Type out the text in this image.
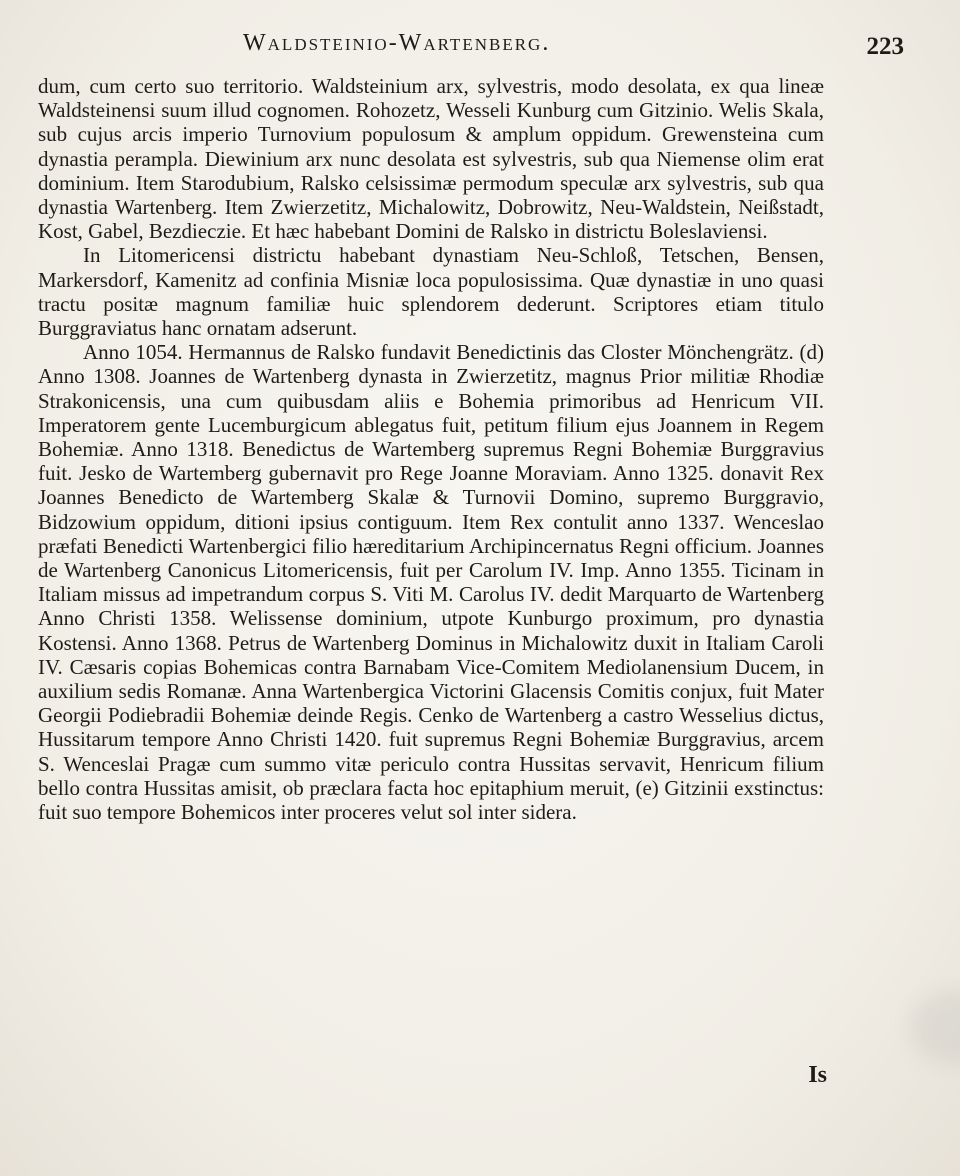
Waldsteinio-Wartenberg.	223

dum, cum certo suo territorio. Waldsteinium arx, sylvestris, modo desolata, ex qua lineæ Waldsteinensi suum illud cognomen. Rohozetz, Wesseli Kunburg cum Gitzinio. Welis Skala, sub cujus arcis imperio Turnovium populosum & amplum oppidum. Grewensteina cum dynastia perampla. Diewinium arx nunc desolata est sylvestris, sub qua Niemense olim erat dominium. Item Starodubium, Ralsko celsissimæ permodum speculæ arx sylvestris, sub qua dynastia Wartenberg. Item Zwierzetitz, Michalowitz, Dobrowitz, Neu-Waldstein, Neißstadt, Kost, Gabel, Bezdieczie. Et hæc habebant Domini de Ralsko in districtu Boleslaviensi.

In Litomericensi districtu habebant dynastiam Neu-Schloß, Tetschen, Bensen, Markersdorf, Kamenitz ad confinia Misniæ loca populosissima. Quæ dynastiæ in uno quasi tractu positæ magnum familiæ huic splendorem dederunt. Scriptores etiam titulo Burggraviatus hanc ornatam adserunt.

Anno 1054. Hermannus de Ralsko fundavit Benedictinis das Closter Mönchengrätz. (d) Anno 1308. Joannes de Wartenberg dynasta in Zwierzetitz, magnus Prior militiæ Rhodiæ Strakonicensis, una cum quibusdam aliis e Bohemia primoribus ad Henricum VII. Imperatorem gente Lucemburgicum ablegatus fuit, petitum filium ejus Joannem in Regem Bohemiæ. Anno 1318. Benedictus de Wartemberg supremus Regni Bohemiæ Burggravius fuit. Jesko de Wartemberg gubernavit pro Rege Joanne Moraviam. Anno 1325. donavit Rex Joannes Benedicto de Wartemberg Skalæ & Turnovii Domino, supremo Burggravio, Bidzowium oppidum, ditioni ipsius contiguum. Item Rex contulit anno 1337. Wenceslao præfati Benedicti Wartenbergici filio hæreditarium Archipincernatus Regni officium. Joannes de Wartenberg Canonicus Litomericensis, fuit per Carolum IV. Imp. Anno 1355. Ticinam in Italiam missus ad impetrandum corpus S. Viti M. Carolus IV. dedit Marquarto de Wartenberg Anno Christi 1358. Welissense dominium, utpote Kunburgo proximum, pro dynastia Kostensi. Anno 1368. Petrus de Wartenberg Dominus in Michalowitz duxit in Italiam Caroli IV. Cæsaris copias Bohemicas contra Barnabam Vice-Comitem Mediolanensium Ducem, in auxilium sedis Romanæ. Anna Wartenbergica Victorini Glacensis Comitis conjux, fuit Mater Georgii Podiebradii Bohemiæ deinde Regis. Cenko de Wartenberg a castro Wesselius dictus, Hussitarum tempore Anno Christi 1420. fuit supremus Regni Bohemiæ Burggravius, arcem S. Wenceslai Pragæ cum summo vitæ periculo contra Hussitas servavit, Henricum filium bello contra Hussitas amisit, ob præclara facta hoc epitaphium meruit, (e) Gitzinii exstinctus: fuit suo tempore Bohemicos inter proceres velut sol inter sidera.

Is
